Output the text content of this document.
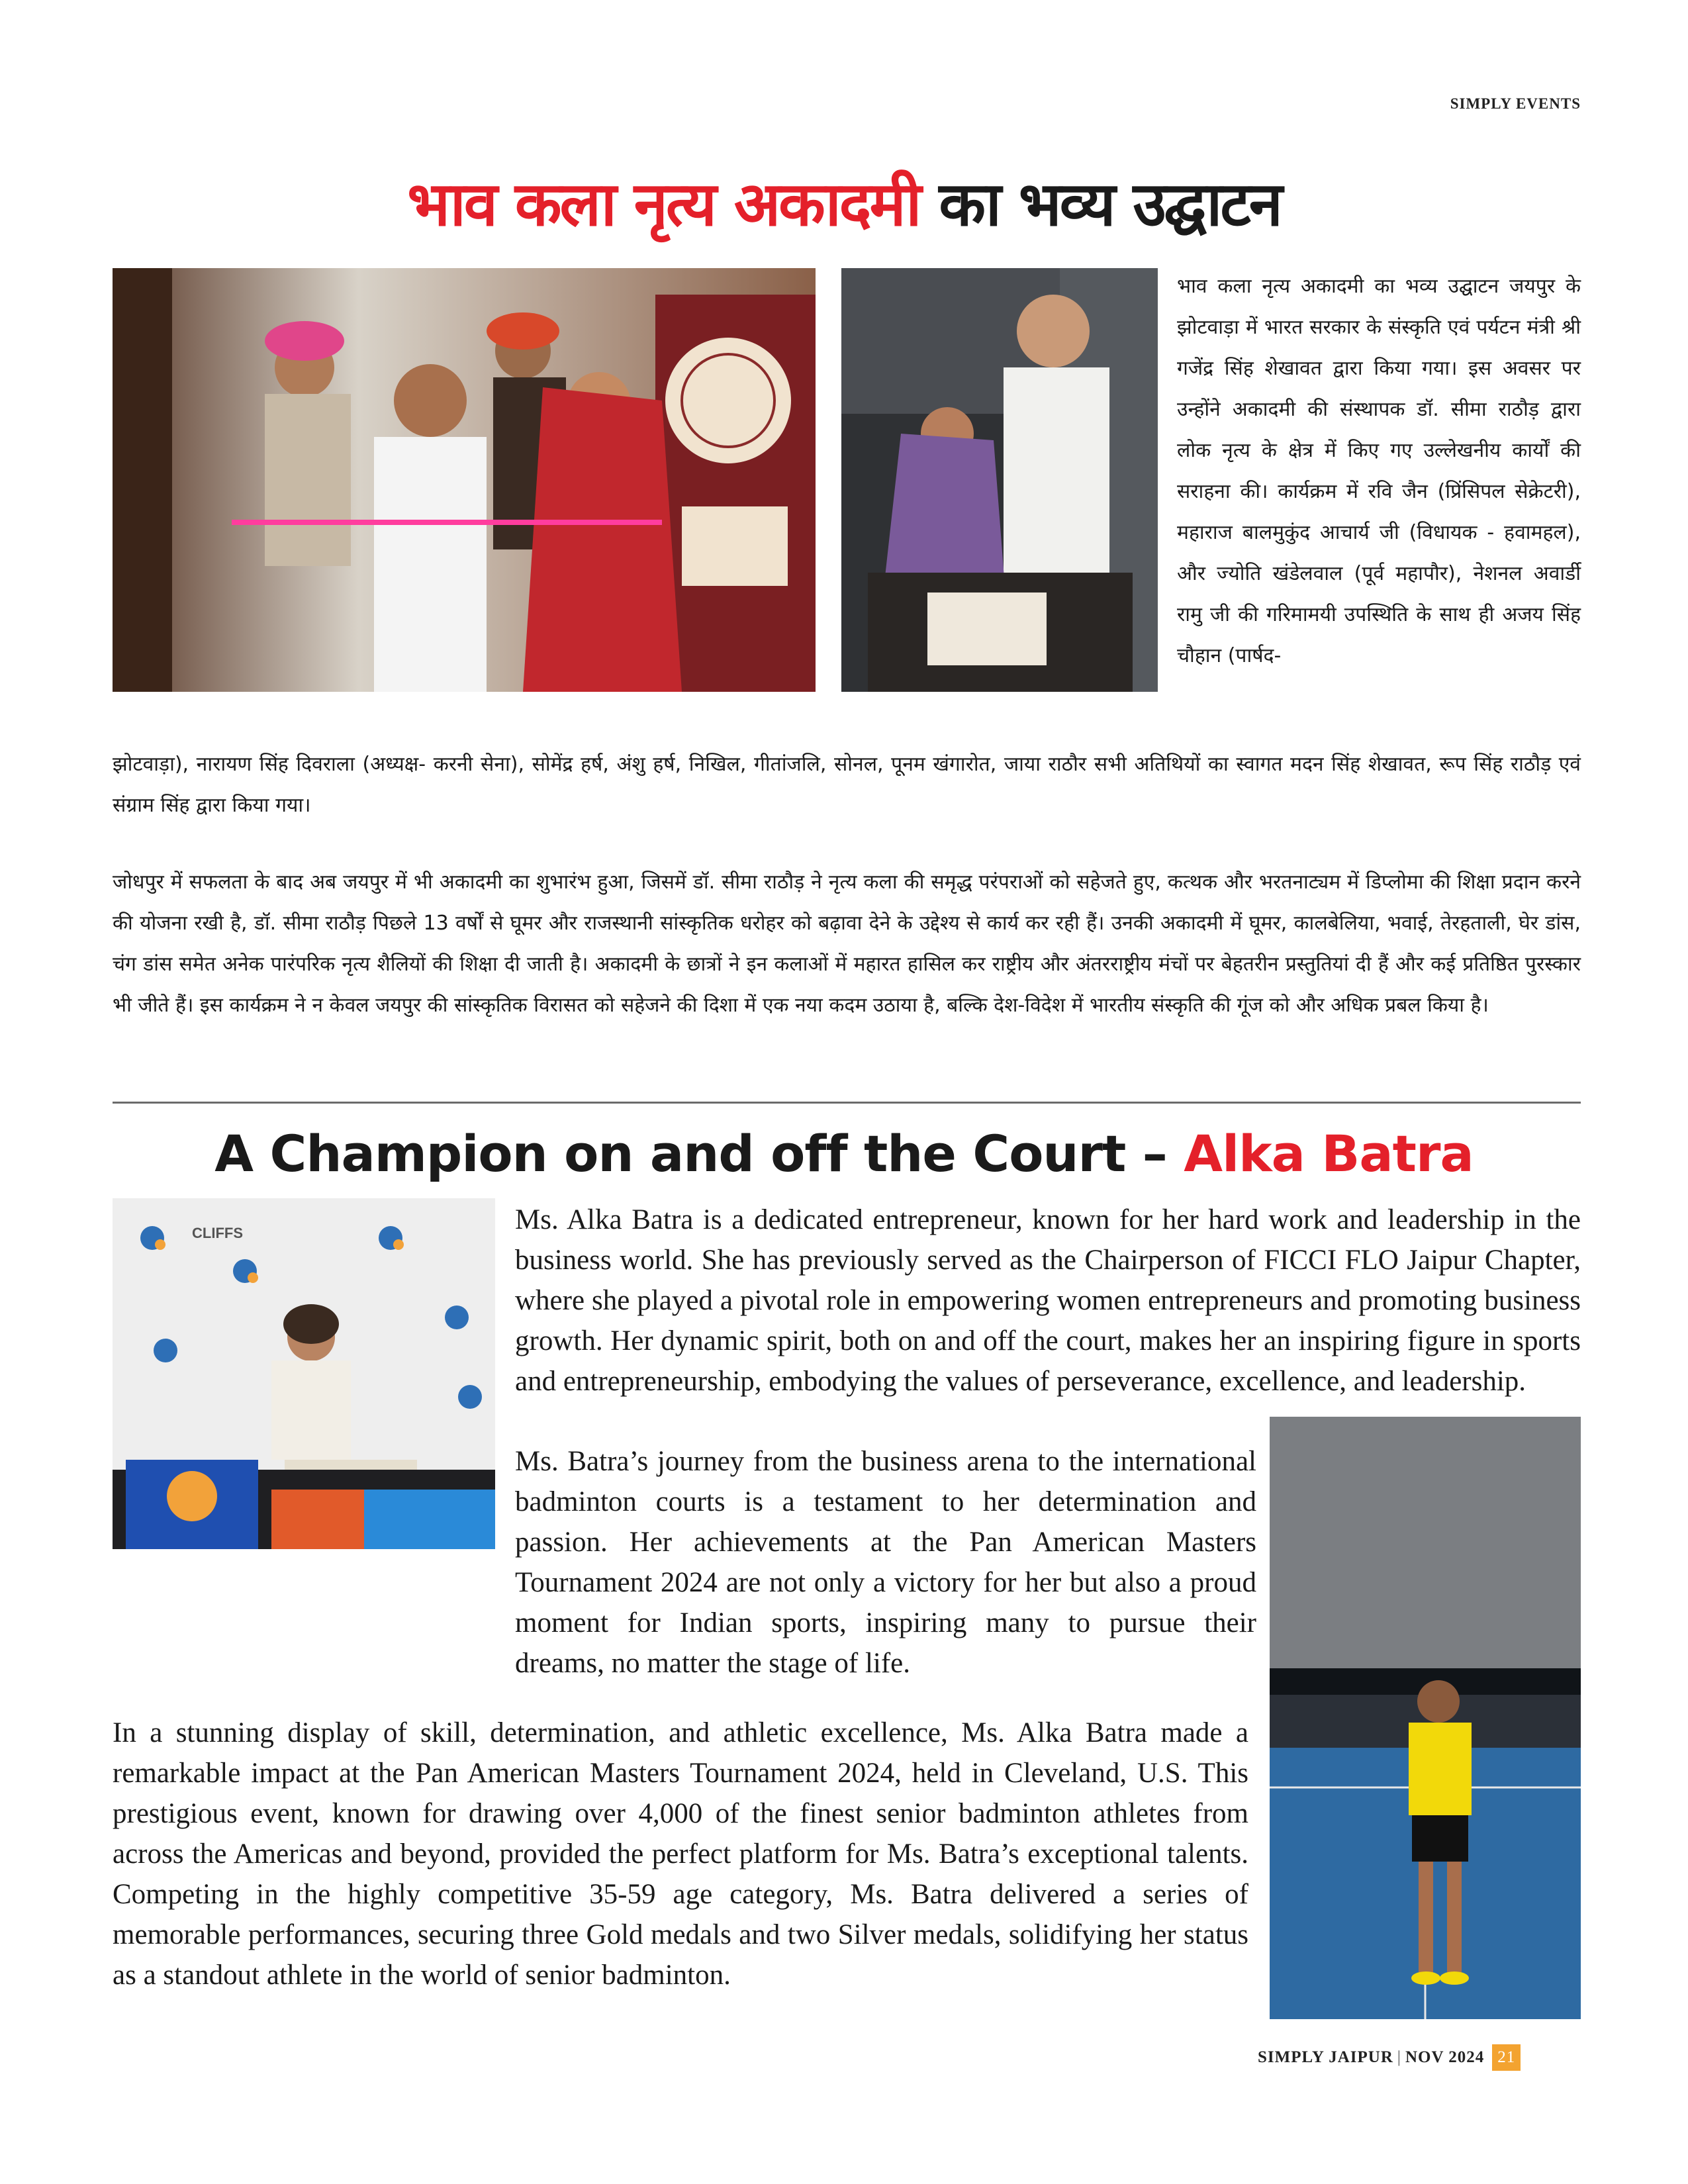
SIMPLY EVENTS
भाव कला नृत्य अकादमी का भव्य उद्घाटन

भाव कला नृत्य अकादमी का भव्य उद्घाटन जयपुर के झोटवाड़ा में भारत सरकार के संस्कृति एवं पर्यटन मंत्री श्री गजेंद्र सिंह शेखावत द्वारा किया गया। इस अवसर पर उन्होंने अकादमी की संस्थापक डॉ. सीमा राठौड़ द्वारा लोक नृत्य के क्षेत्र में किए गए उल्लेखनीय कार्यों की सराहना की। कार्यक्रम में रवि जैन (प्रिंसिपल सेक्रेटरी), महाराज बालमुकुंद आचार्य जी (विधायक - हवामहल), और ज्योति खंडेलवाल (पूर्व महापौर), नेशनल अवार्डी रामु जी की गरिमामयी उपस्थिति के साथ ही अजय सिंह चौहान (पार्षद-

झोटवाड़ा), नारायण सिंह दिवराला (अध्यक्ष- करनी सेना), सोमेंद्र हर्ष, अंशु हर्ष, निखिल, गीतांजलि, सोनल, पूनम खंगारोत, जाया राठौर सभी अतिथियों का स्वागत मदन सिंह शेखावत, रूप सिंह राठौड़ एवं संग्राम सिंह द्वारा किया गया।

जोधपुर में सफलता के बाद अब जयपुर में भी अकादमी का शुभारंभ हुआ, जिसमें डॉ. सीमा राठौड़ ने नृत्य कला की समृद्ध परंपराओं को सहेजते हुए, कत्थक और भरतनाट्यम में डिप्लोमा की शिक्षा प्रदान करने की योजना रखी है, डॉ. सीमा राठौड़ पिछले 13 वर्षों से घूमर और राजस्थानी सांस्कृतिक धरोहर को बढ़ावा देने के उद्देश्य से कार्य कर रही हैं। उनकी अकादमी में घूमर, कालबेलिया, भवाई, तेरहताली, घेर डांस, चंग डांस समेत अनेक पारंपरिक नृत्य शैलियों की शिक्षा दी जाती है। अकादमी के छात्रों ने इन कलाओं में महारत हासिल कर राष्ट्रीय और अंतरराष्ट्रीय मंचों पर बेहतरीन प्रस्तुतियां दी हैं और कई प्रतिष्ठित पुरस्कार भी जीते हैं। इस कार्यक्रम ने न केवल जयपुर की सांस्कृतिक विरासत को सहेजने की दिशा में एक नया कदम उठाया है, बल्कि देश-विदेश में भारतीय संस्कृति की गूंज को और अधिक प्रबल किया है।

A Champion on and off the Court – Alka Batra
CLIFFS	Ms. Alka Batra is a dedicated entrepreneur, known for her hard work and leadership in the business world. She has previously served as the Chairperson of FICCI FLO Jaipur Chapter, where she played a pivotal role in empowering women entrepreneurs and promoting business growth. Her dynamic spirit, both on and off the court, makes her an inspiring figure in sports and entrepreneurship, embodying the values of perseverance, excellence, and leadership.

Ms. Batra’s journey from the business arena to the international badminton courts is a testament to her determination and passion. Her achievements at the Pan American Masters Tournament 2024 are not only a victory for her but also a proud moment for Indian sports, inspiring many to pursue their dreams, no matter the stage of life.

In a stunning display of skill, determination, and athletic excellence, Ms. Alka Batra made a remarkable impact at the Pan American Masters Tournament 2024, held in Cleveland, U.S. This prestigious event, known for drawing over 4,000 of the finest senior badminton athletes from across the Americas and beyond, provided the perfect platform for Ms. Batra’s exceptional talents. Competing in the highly competitive 35-59 age category, Ms. Batra delivered a series of memorable performances, securing three Gold medals and two Silver medals, solidifying her status as a standout athlete in the world of senior badminton.

SIMPLY JAIPUR | NOV 2024 21
